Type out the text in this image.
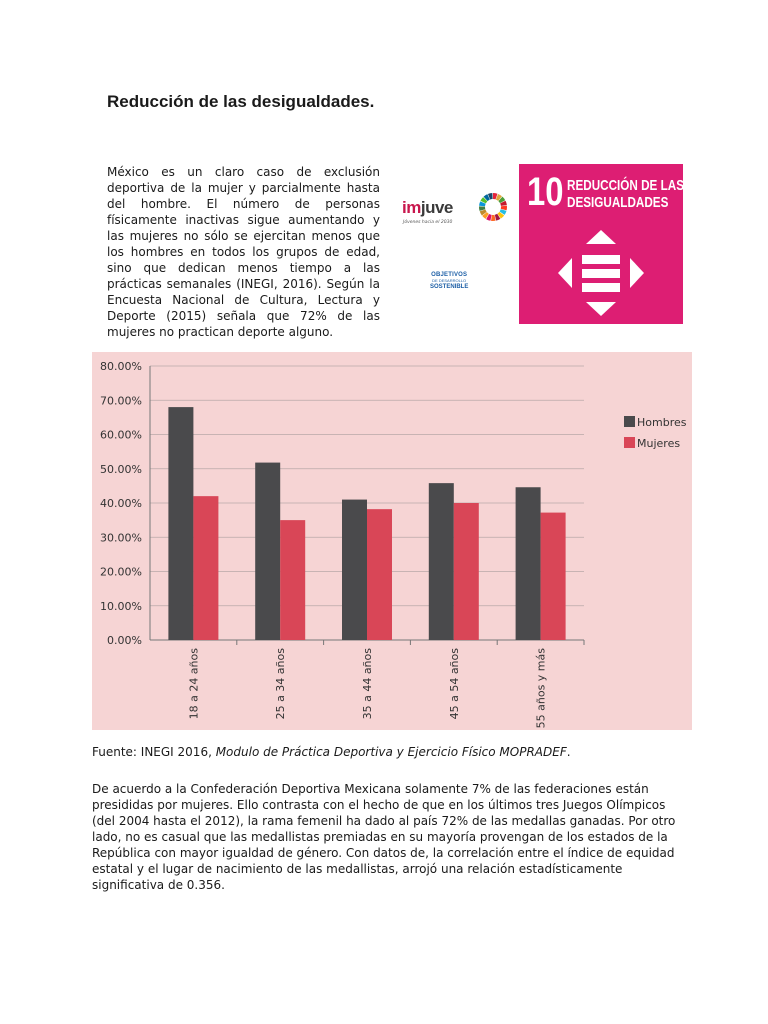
Reducción de las desigualdades.

México es un claro caso de exclusión deportiva de la mujer y parcialmente hasta del hombre. El número de personas físicamente inactivas sigue aumentando y las mujeres no sólo se ejercitan menos que los hombres en todos los grupos de edad, sino que dedican menos tiempo a las prácticas semanales (INEGI, 2016). Según la Encuesta Nacional de Cultura, Lectura y Deporte (2015) señala que 72% de las mujeres no practican deporte alguno.

imjuve
Jóvenes hacia el 2030
OBJETIVOS
DE DESARROLLO
SOSTENIBLE
10 REDUCCIÓN DE LAS
DESIGUALDADES
0.00%
10.00%
20.00%
30.00%
40.00%
50.00%
60.00%
70.00%
80.00%
18 a 24 años	25 a 34 años	35 a 44 años	45 a 54 años	55 años y más
Hombres
Mujeres

Fuente: INEGI 2016, Modulo de Práctica Deportiva y Ejercicio Físico MOPRADEF.

De acuerdo a la Confederación Deportiva Mexicana solamente 7% de las federaciones están presididas por mujeres. Ello contrasta con el hecho de que en los últimos tres Juegos Olímpicos (del 2004 hasta el 2012), la rama femenil ha dado al país 72% de las medallas ganadas. Por otro lado, no es casual que las medallistas premiadas en su mayoría provengan de los estados de la República con mayor igualdad de género. Con datos de, la correlación entre el índice de equidad estatal y el lugar de nacimiento de las medallistas, arrojó una relación estadísticamente significativa de 0.356.
